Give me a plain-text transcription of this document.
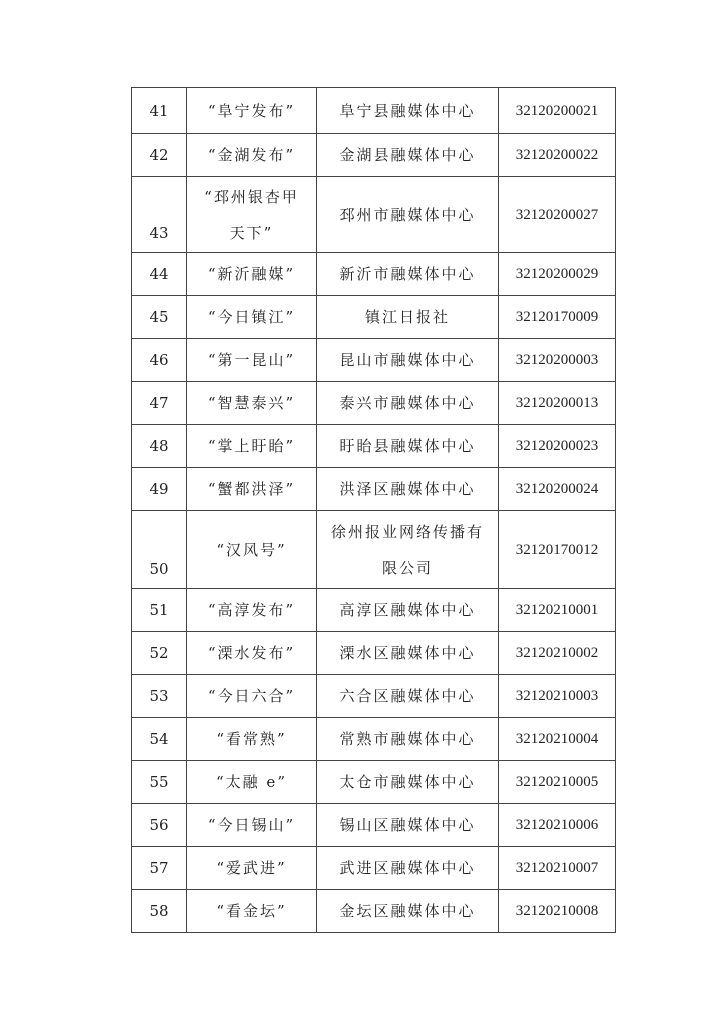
41	“阜宁发布”	阜宁县融媒体中心	32120200021
42	“金湖发布”	金湖县融媒体中心	32120200022
43	“邳州银杏甲天下”	邳州市融媒体中心	32120200027
44	“新沂融媒”	新沂市融媒体中心	32120200029
45	“今日镇江”	镇江日报社	32120170009
46	“第一昆山”	昆山市融媒体中心	32120200003
47	“智慧泰兴”	泰兴市融媒体中心	32120200013
48	“掌上盱眙”	盱眙县融媒体中心	32120200023
49	“蟹都洪泽”	洪泽区融媒体中心	32120200024
50	“汉风号”	徐州报业网络传播有限公司	32120170012
51	“高淳发布”	高淳区融媒体中心	32120210001
52	“溧水发布”	溧水区融媒体中心	32120210002
53	“今日六合”	六合区融媒体中心	32120210003
54	“看常熟”	常熟市融媒体中心	32120210004
55	“太融 e”	太仓市融媒体中心	32120210005
56	“今日锡山”	锡山区融媒体中心	32120210006
57	“爱武进”	武进区融媒体中心	32120210007
58	“看金坛”	金坛区融媒体中心	32120210008
